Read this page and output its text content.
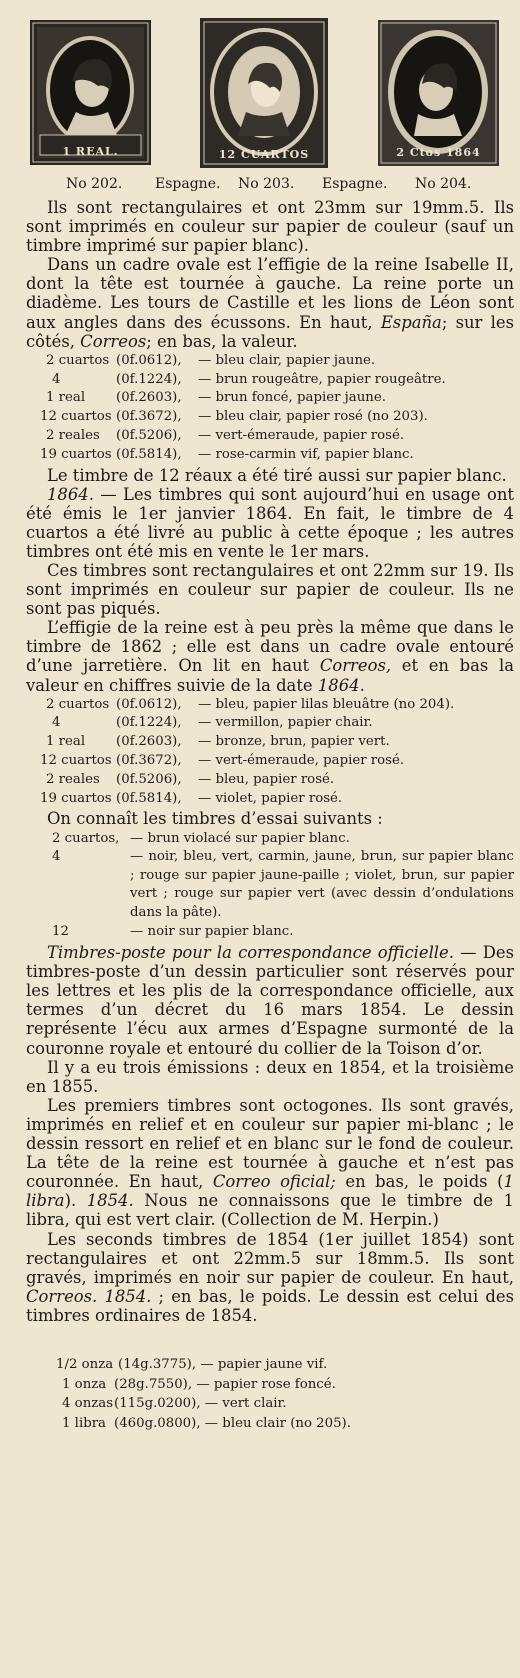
1 REAL.	12 CUARTOS	2 Ctos 1864
No 202. Espagne. No 203. Espagne. No 204.

Ils sont rectangulaires et ont 23mm sur 19mm.5. Ils sont imprimés en couleur sur papier de couleur (sauf un timbre imprimé sur papier blanc).

Dans un cadre ovale est l’effigie de la reine Isabelle II, dont la tête est tournée à gauche. La reine porte un diadème. Les tours de Castille et les lions de Léon sont aux angles dans des écussons. En haut, España; sur les côtés, Correos; en bas, la valeur.

2 cuartos (0f.0612), — bleu clair, papier jaune.
4	(0f.1224), — brun rougeâtre, papier rougeâtre.
1 real (0f.2603), — brun foncé, papier jaune.
12 cuartos (0f.3672), — bleu clair, papier rosé (no 203).
2 reales (0f.5206), — vert-émeraude, papier rosé.
19 cuartos (0f.5814), — rose-carmin vif, papier blanc.

Le timbre de 12 réaux a été tiré aussi sur papier blanc.

1864. — Les timbres qui sont aujourd’hui en usage ont été émis le 1er janvier 1864. En fait, le timbre de 4 cuartos a été livré au public à cette époque ; les autres timbres ont été mis en vente le 1er mars.

Ces timbres sont rectangulaires et ont 22mm sur 19. Ils sont imprimés en couleur sur papier de couleur. Ils ne sont pas piqués.

L’effigie de la reine est à peu près la même que dans le timbre de 1862 ; elle est dans un cadre ovale entouré d’une jarretière. On lit en haut Correos, et en bas la valeur en chiffres suivie de la date 1864.

2 cuartos (0f.0612), — bleu, papier lilas bleuâtre (no 204).
4	(0f.1224), — vermillon, papier chair.
1 real (0f.2603), — bronze, brun, papier vert.
12 cuartos (0f.3672), — vert-émeraude, papier rosé.
2 reales (0f.5206), — bleu, papier rosé.
19 cuartos (0f.5814), — violet, papier rosé.

On connaît les timbres d’essai suivants :

2 cuartos, — brun violacé sur papier blanc.
4	— noir, bleu, vert, carmin, jaune, brun, sur papier blanc ; rouge sur papier jaune-paille ; violet, brun, sur papier vert ; rouge sur papier vert (avec dessin d’ondulations dans la pâte).
12	— noir sur papier blanc.

Timbres-poste pour la correspondance officielle. — Des timbres-poste d’un dessin particulier sont réservés pour les lettres et les plis de la correspondance officielle, aux termes d’un décret du 16 mars 1854. Le dessin représente l’écu aux armes d’Espagne surmonté de la couronne royale et entouré du collier de la Toison d’or.

Il y a eu trois émissions : deux en 1854, et la troisième en 1855.

Les premiers timbres sont octogones. Ils sont gravés, imprimés en relief et en couleur sur papier mi-blanc ; le dessin ressort en relief et en blanc sur le fond de couleur. La tête de la reine est tournée à gauche et n’est pas couronnée. En haut, Correo oficial; en bas, le poids (1 libra). 1854. Nous ne connaissons que le timbre de 1 libra, qui est vert clair. (Collection de M. Herpin.)

Les seconds timbres de 1854 (1er juillet 1854) sont rectangulaires et ont 22mm.5 sur 18mm.5. Ils sont gravés, imprimés en noir sur papier de couleur. En haut, Correos. 1854. ; en bas, le poids. Le dessin est celui des timbres ordinaires de 1854.

1/2 onza (14g.3775), — papier jaune vif.
1 onza (28g.7550), — papier rose foncé.
4 onzas (115g.0200), — vert clair.
1 libra (460g.0800), — bleu clair (no 205).
